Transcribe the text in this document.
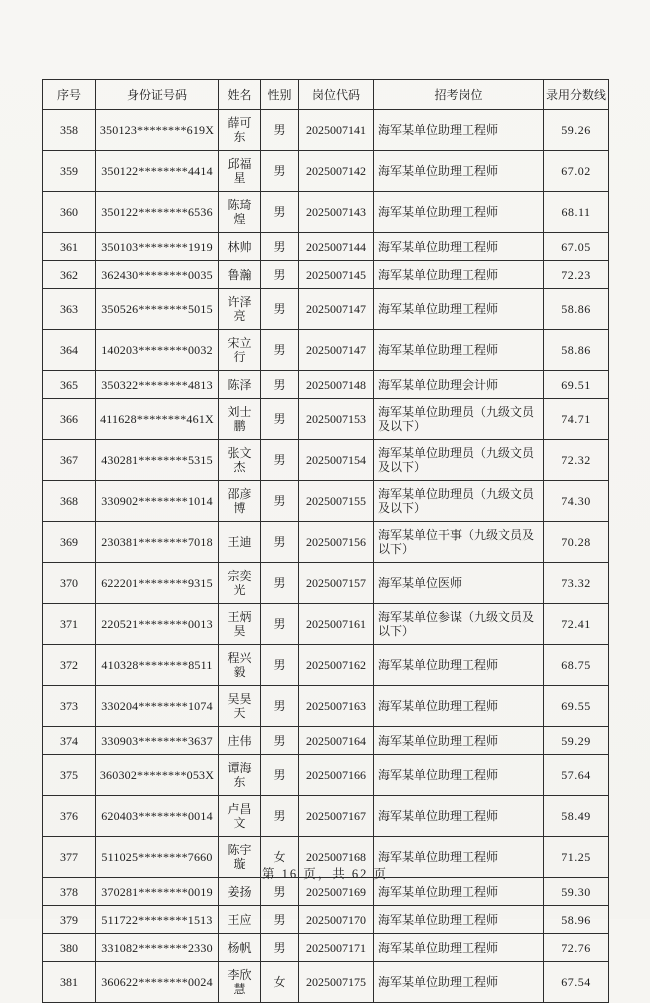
序号	身份证号码	姓名	性别	岗位代码	招考岗位	录用分数线
358	350123********619X	薛可东	男	2025007141	海军某单位助理工程师	59.26
359	350122********4414	邱福星	男	2025007142	海军某单位助理工程师	67.02
360	350122********6536	陈琦煌	男	2025007143	海军某单位助理工程师	68.11
361	350103********1919	林帅	男	2025007144	海军某单位助理工程师	67.05
362	362430********0035	鲁瀚	男	2025007145	海军某单位助理工程师	72.23
363	350526********5015	许泽亮	男	2025007147	海军某单位助理工程师	58.86
364	140203********0032	宋立行	男	2025007147	海军某单位助理工程师	58.86
365	350322********4813	陈泽	男	2025007148	海军某单位助理会计师	69.51
366	411628********461X	刘士鹏	男	2025007153	海军某单位助理员（九级文员及以下）	74.71
367	430281********5315	张文杰	男	2025007154	海军某单位助理员（九级文员及以下）	72.32
368	330902********1014	邵彦博	男	2025007155	海军某单位助理员（九级文员及以下）	74.30
369	230381********7018	王迪	男	2025007156	海军某单位干事（九级文员及以下）	70.28
370	622201********9315	宗奕光	男	2025007157	海军某单位医师	73.32
371	220521********0013	王炳昊	男	2025007161	海军某单位参谋（九级文员及以下）	72.41
372	410328********8511	程兴毅	男	2025007162	海军某单位助理工程师	68.75
373	330204********1074	吴昊天	男	2025007163	海军某单位助理工程师	69.55
374	330903********3637	庄伟	男	2025007164	海军某单位助理工程师	59.29
375	360302********053X	谭海东	男	2025007166	海军某单位助理工程师	57.64
376	620403********0014	卢昌文	男	2025007167	海军某单位助理工程师	58.49
377	511025********7660	陈宇璇	女	2025007168	海军某单位助理工程师	71.25
378	370281********0019	姜扬	男	2025007169	海军某单位助理工程师	59.30
379	511722********1513	王应	男	2025007170	海军某单位助理工程师	58.96
380	331082********2330	杨帆	男	2025007171	海军某单位助理工程师	72.76
381	360622********0024	李欣慧	女	2025007175	海军某单位助理工程师	67.54
第 16 页，共 62 页
